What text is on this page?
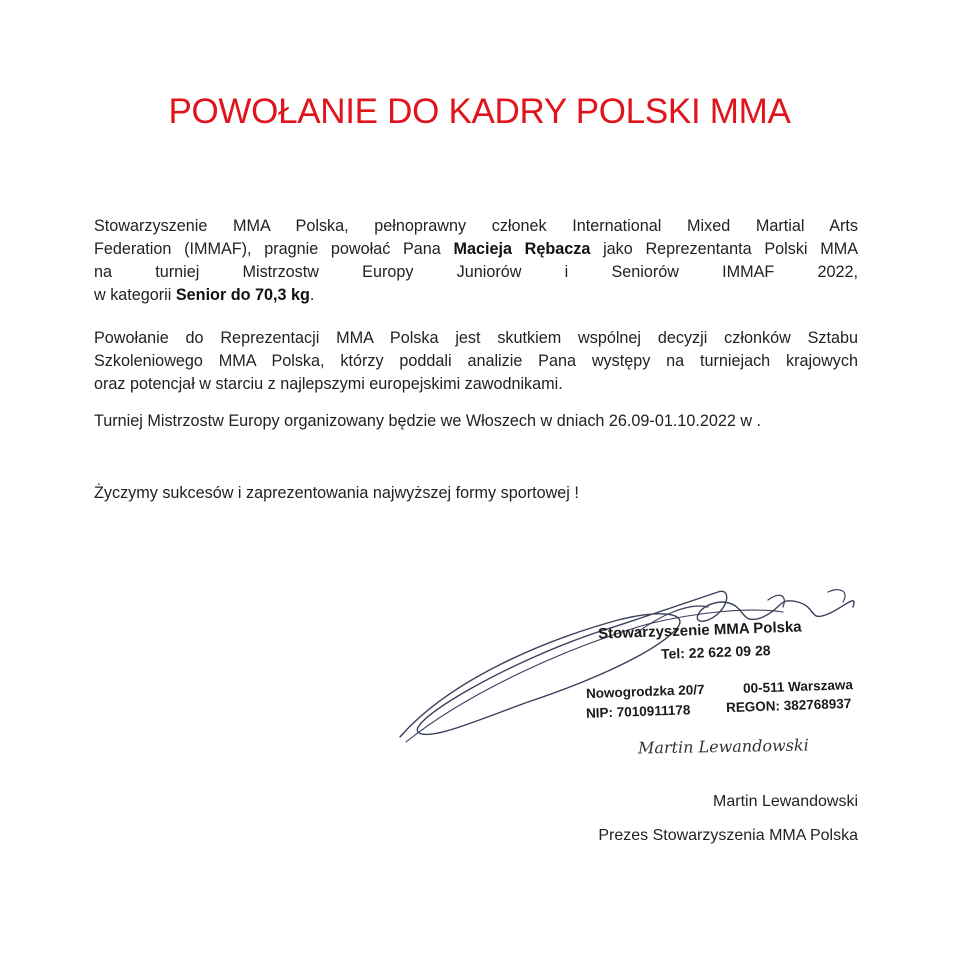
POWOŁANIE DO KADRY POLSKI MMA
Stowarzyszenie MMA Polska, pełnoprawny członek International Mixed Martial Arts
Federation (IMMAF), pragnie powołać Pana Macieja Rębacza jako Reprezentanta Polski MMA
na turniej Mistrzostw Europy Juniorów i Seniorów IMMAF 2022,
w kategorii Senior do 70,3 kg.
Powołanie do Reprezentacji MMA Polska jest skutkiem wspólnej decyzji członków Sztabu
Szkoleniowego MMA Polska, którzy poddali analizie Pana występy na turniejach krajowych
oraz potencjał w starciu z najlepszymi europejskimi zawodnikami.

Turniej Mistrzostw Europy organizowany będzie we Włoszech w dniach 26.09-01.10.2022 w .

Życzymy sukcesów i zaprezentowania najwyższej formy sportowej !

Stowarzyszenie MMA Polska
Tel: 22 622 09 28
Nowogrodzka 20/7	00-511 Warszawa
NIP: 7010911178	REGON: 382768937
Martin Lewandowski
Martin Lewandowski
Prezes Stowarzyszenia MMA Polska
